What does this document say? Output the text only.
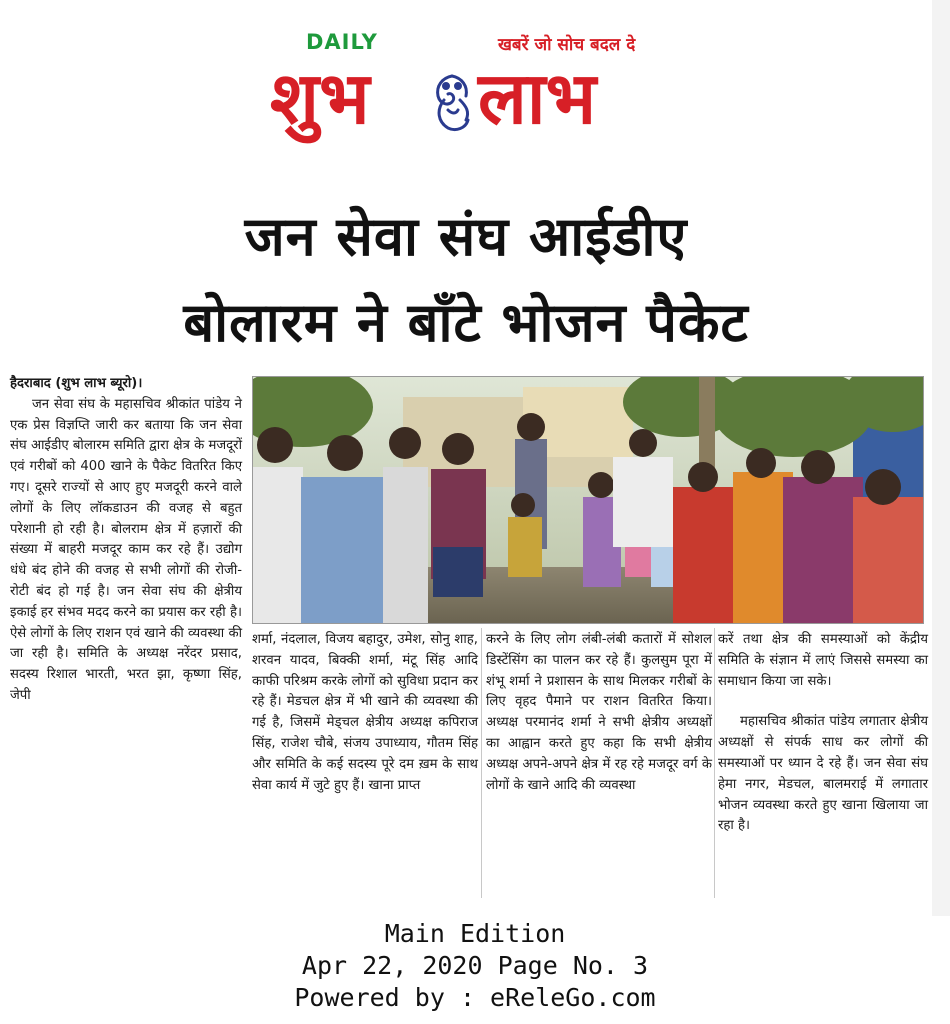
DAILY	खबरें जो सोच बदल दे
शुभ लाभ
जन सेवा संघ आईडीए
बोलारम ने बाँटे भोजन पैकेट

हैदराबाद (शुभ लाभ ब्यूरो)।

जन सेवा संघ के महासचिव श्रीकांत पांडेय ने एक प्रेस विज्ञप्ति जारी कर बताया कि जन सेवा संघ आईडीए बोलारम समिति द्वारा क्षेत्र के मजदूरों एवं गरीबों को 400 खाने के पैकेट वितरित किए गए। दूसरे राज्यों से आए हुए मजदूरी करने वाले लोगों के लिए लॉकडाउन की वजह से बहुत परेशानी हो रही है। बोलराम क्षेत्र में हज़ारों की संख्या में बाहरी मजदूर काम कर रहे हैं। उद्योग धंधे बंद होने की वजह से सभी लोगों की रोजी-रोटी बंद हो गई है। जन सेवा संघ की क्षेत्रीय इकाई हर संभव मदद करने का प्रयास कर रही है। ऐसे लोगों के लिए राशन एवं खाने की व्यवस्था की जा रही है। समिति के अध्यक्ष नरेंदर प्रसाद, सदस्य रिशाल भारती, भरत झा, कृष्णा सिंह, जेपी

शर्मा, नंदलाल, विजय बहादुर, उमेश, सोनु शाह, शरवन यादव, बिक्की शर्मा, मंटू सिंह आदि काफी परिश्रम करके लोगों को सुविधा प्रदान कर रहे हैं। मेडचल क्षेत्र में भी खाने की व्यवस्था की गई है, जिसमें मेड्चल क्षेत्रीय अध्यक्ष कपिराज सिंह, राजेश चौबे, संजय उपाध्याय, गौतम सिंह और समिति के कई सदस्य पूरे दम ख़म के साथ सेवा कार्य में जुटे हुए हैं। खाना प्राप्त

करने के लिए लोग लंबी-लंबी कतारों में सोशल डिस्टेंसिंग का पालन कर रहे हैं। कुलसुम पूरा में शंभू शर्मा ने प्रशासन के साथ मिलकर गरीबों के लिए वृहद पैमाने पर राशन वितरित किया। अध्यक्ष परमानंद शर्मा ने सभी क्षेत्रीय अध्यक्षों का आह्वान करते हुए कहा कि सभी क्षेत्रीय अध्यक्ष अपने-अपने क्षेत्र में रह रहे मजदूर वर्ग के लोगों के खाने आदि की व्यवस्था

करें तथा क्षेत्र की समस्याओं को केंद्रीय समिति के संज्ञान में लाएं जिससे समस्या का समाधान किया जा सके।

महासचिव श्रीकांत पांडेय लगातार क्षेत्रीय अध्यक्षों से संपर्क साध कर लोगों की समस्याओं पर ध्यान दे रहे हैं। जन सेवा संघ हेमा नगर, मेडचल, बालमराई में लगातार भोजन व्यवस्था करते हुए खाना खिलाया जा रहा है।

Main Edition
Apr 22, 2020 Page No. 3
Powered by : eReleGo.com
